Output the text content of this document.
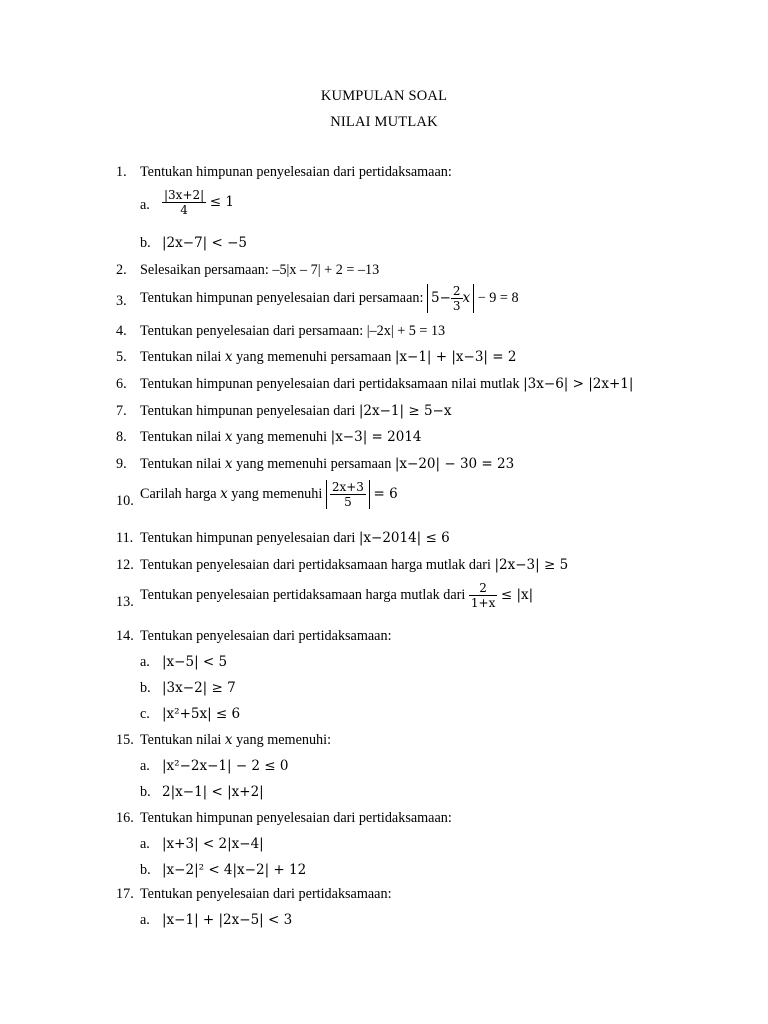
KUMPULAN SOAL
NILAI MUTLAK
1. Tentukan himpunan penyelesaian dari pertidaksamaan:
a. $\frac{|3x+2|}{4} \le 1$
b. |2x−7| < −5
2. Selesaikan persamaan: –5|x – 7| + 2 = –13
3. Tentukan himpunan penyelesaian dari persamaan: $5- \frac{2}{3}$ x − 9 = 8
4. Tentukan penyelesaian dari persamaan: |–2x| + 5 = 13
5. Tentukan nilai x yang memenuhi persamaan |x−1| + |x−3| = 2
6. Tentukan himpunan penyelesaian dari pertidaksamaan nilai mutlak |3x−6| > |2x+1|
7. Tentukan himpunan penyelesaian dari |2x−1| ≥ 5−x
8. Tentukan nilai x yang memenuhi |x−3| = 2014
9. Tentukan nilai x yang memenuhi persamaan |x−20| − 30 = 23
10. Carilah harga x yang memenuhi $\frac{2x+3}{5} = 6$
11. Tentukan himpunan penyelesaian dari |x−2014| ≤ 6
12. Tentukan penyelesaian dari pertidaksamaan harga mutlak dari |2x−3| ≥ 5
13. Tentukan penyelesaian pertidaksamaan harga mutlak dari $\frac{2}{1+x} \le |x|$
14. Tentukan penyelesaian dari pertidaksamaan:
a. |x−5| < 5
b. |3x−2| ≥ 7
c. |x²+5x| ≤ 6
15. Tentukan nilai x yang memenuhi:
a. |x²−2x−1| − 2 ≤ 0
b. 2|x−1| < |x+2|
16. Tentukan himpunan penyelesaian dari pertidaksamaan:
a. |x+3| < 2|x−4|
b. |x−2|² < 4|x−2| + 12
17. Tentukan penyelesaian dari pertidaksamaan:
a. |x−1| + |2x−5| < 3
